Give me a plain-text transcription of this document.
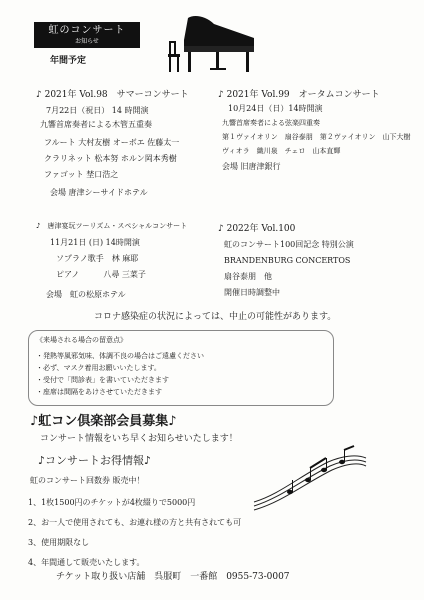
虹のコンサート
お知らせ
年間予定
♪ 2021年 Vol.98　サマーコンサート
7月22日（祝日） 14 時開演
九響首席奏者による木管五重奏
フルート 大村友樹 オーボエ 佐藤太一
クラリネット 松本努 ホルン岡本秀樹
ファゴット 埜口浩之
会場 唐津シーサイドホテル
♪ 2021年 Vol.99　オータムコンサート
10月24日（日）14時開演
九響首席奏者による弦楽四重奏
第１ヴァイオリン　扇谷泰朋　第２ヴァイオリン　山下大樹
ヴィオラ　織川泉　チェロ　山本直輝
会場 旧唐津銀行
♪　唐津宴玩ツーリズム・スペシャルコンサート
11月21日 (日) 14時開演
ソプラノ歌手　林 麻耶
ピアノ　　　八尋 三菜子
会場　虹の松原ホテル
♪ 2022年 Vol.100
虹のコンサート100回記念 特別公演
BRANDENBURG CONCERTOS
扇谷泰朋　他
開催日時調整中
コロナ感染症の状況によっては、中止の可能性があります。
《来場される場合の留意点》
・発熱等風邪気味、体調不良の場合はご遠慮ください
・必ず、マスク着用お願いいたします。
・受付で「問診表」を書いていただきます
・座席は間隔をあけさせていただきます
♪虹コン倶楽部会員募集♪
コンサート情報をいち早くお知らせいたします！
♪コンサートお得情報♪
虹のコンサート回数券 販売中！
1、1枚1500円のチケットが4枚綴りで5000円
2、お一人で使用されても、お連れ様の方と共有されても可
3、使用期限なし
4、年間通して販売いたします。
チケット取り扱い店舗　呉服町　一番館　0955-73-0007
